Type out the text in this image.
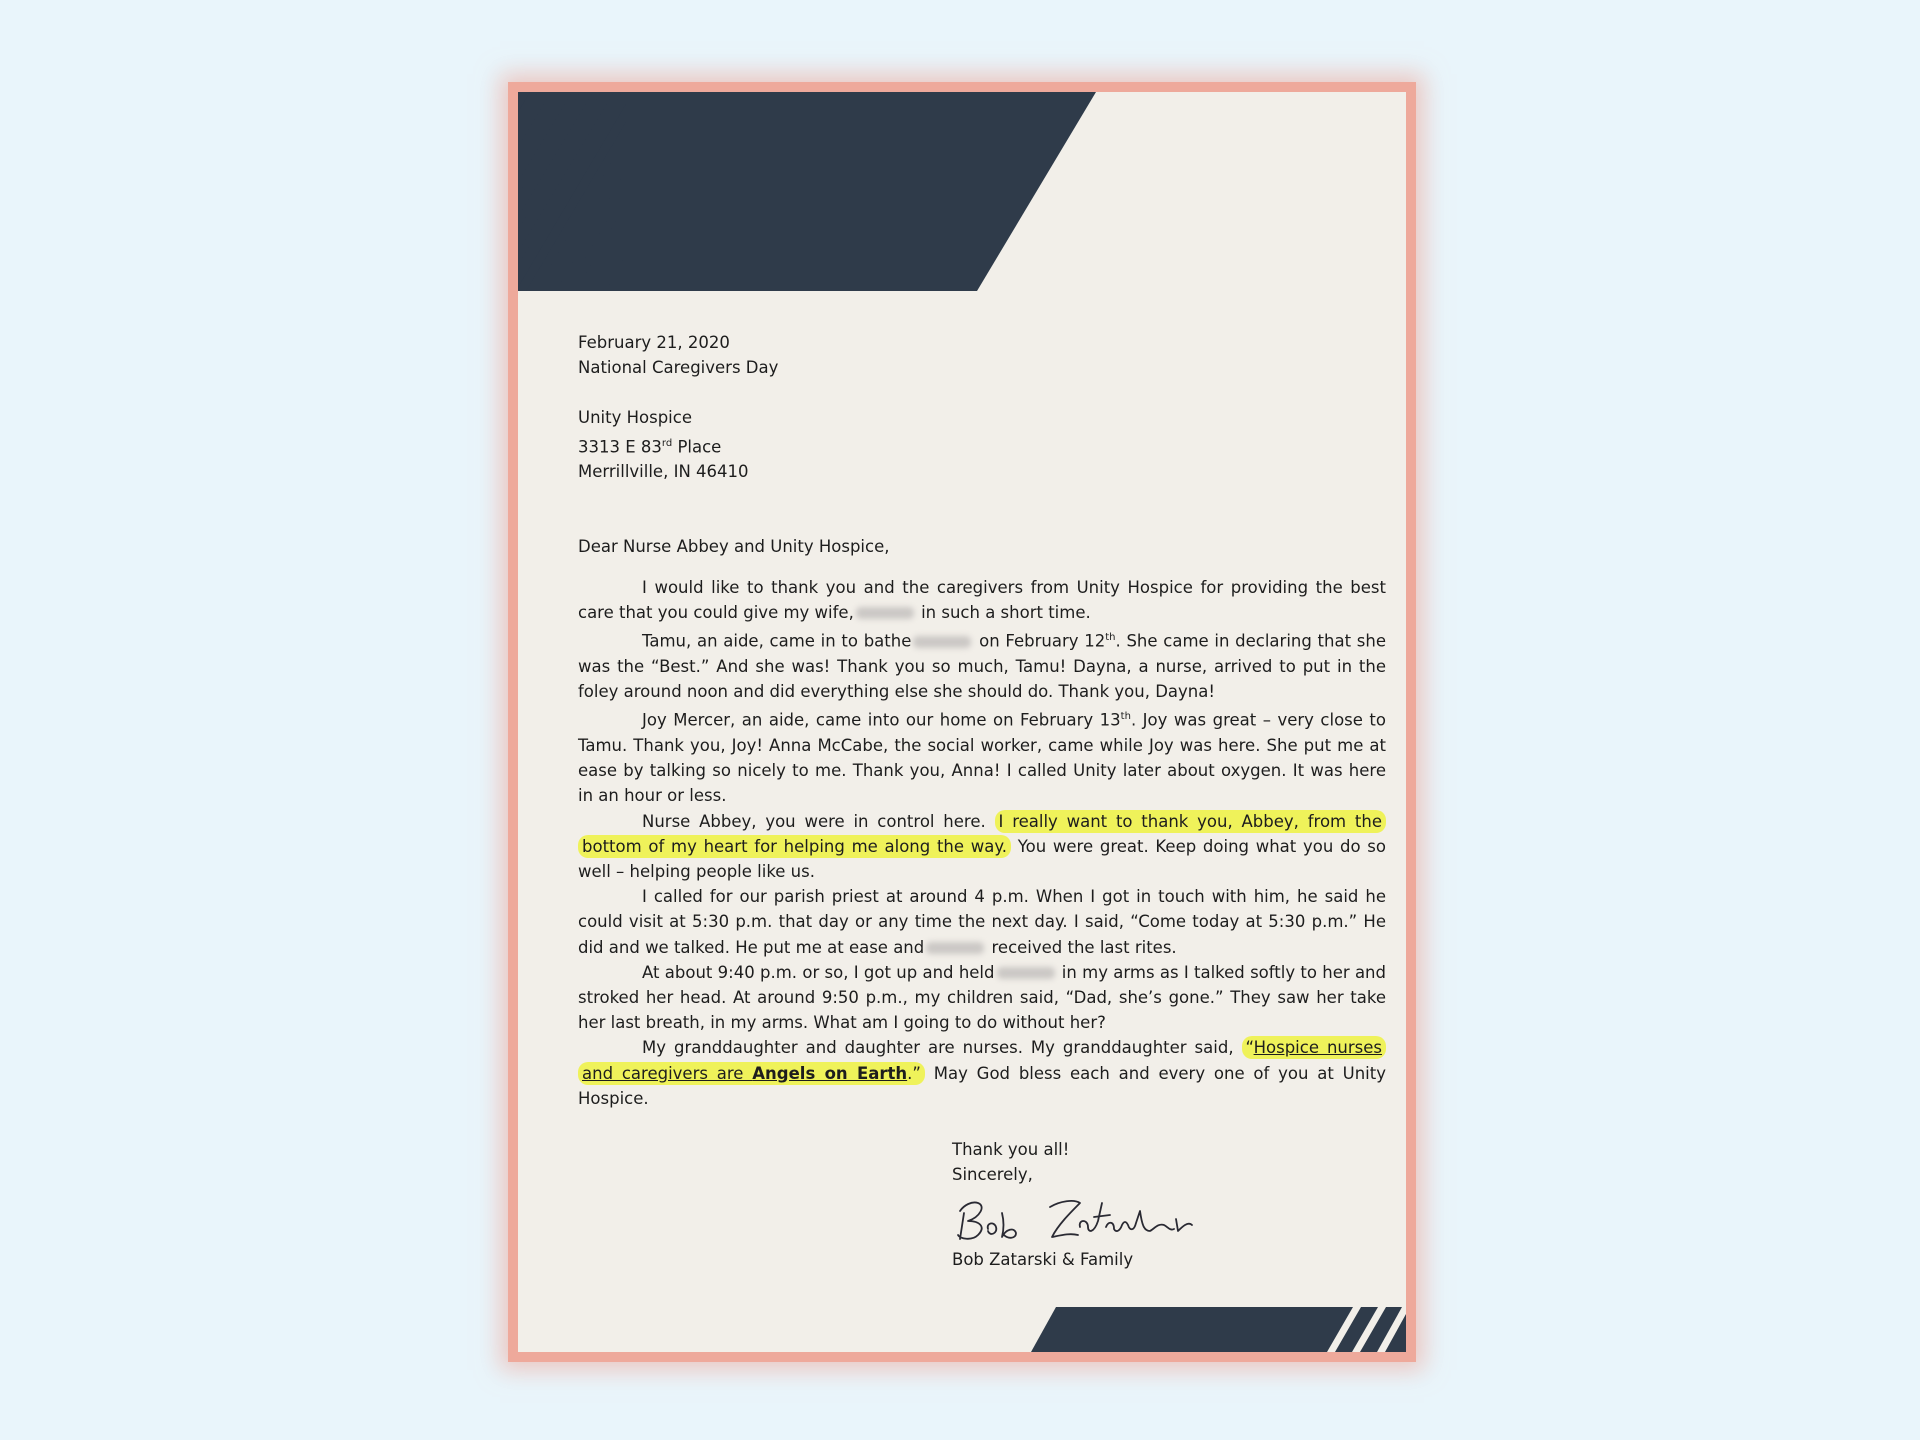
February 21, 2020

National Caregivers Day

Unity Hospice

3313 E 83rd Place

Merrillville, IN 46410

Dear Nurse Abbey and Unity Hospice,

I would like to thank you and the caregivers from Unity Hospice for providing the best care that you could give my wife,	in such a short time.

Tamu, an aide, came in to bathe	on February 12th. She came in declaring that she was the “Best.” And she was! Thank you so much, Tamu! Dayna, a nurse, arrived to put in the foley around noon and did everything else she should do. Thank you, Dayna!

Joy Mercer, an aide, came into our home on February 13th. Joy was great – very close to Tamu. Thank you, Joy! Anna McCabe, the social worker, came while Joy was here. She put me at ease by talking so nicely to me. Thank you, Anna! I called Unity later about oxygen. It was here in an hour or less.

Nurse Abbey, you were in control here. I really want to thank you, Abbey, from the bottom of my heart for helping me along the way. You were great. Keep doing what you do so well – helping people like us.

I called for our parish priest at around 4 p.m. When I got in touch with him, he said he could visit at 5:30 p.m. that day or any time the next day. I said, “Come today at 5:30 p.m.” He did and we talked. He put me at ease and	received the last rites.

At about 9:40 p.m. or so, I got up and held	in my arms as I talked softly to her and stroked her head. At around 9:50 p.m., my children said, “Dad, she’s gone.” They saw her take her last breath, in my arms. What am I going to do without her?

My granddaughter and daughter are nurses. My granddaughter said, “Hospice nurses and caregivers are Angels on Earth.” May God bless each and every one of you at Unity Hospice.

Thank you all!

Sincerely,

Bob Zatarski & Family
